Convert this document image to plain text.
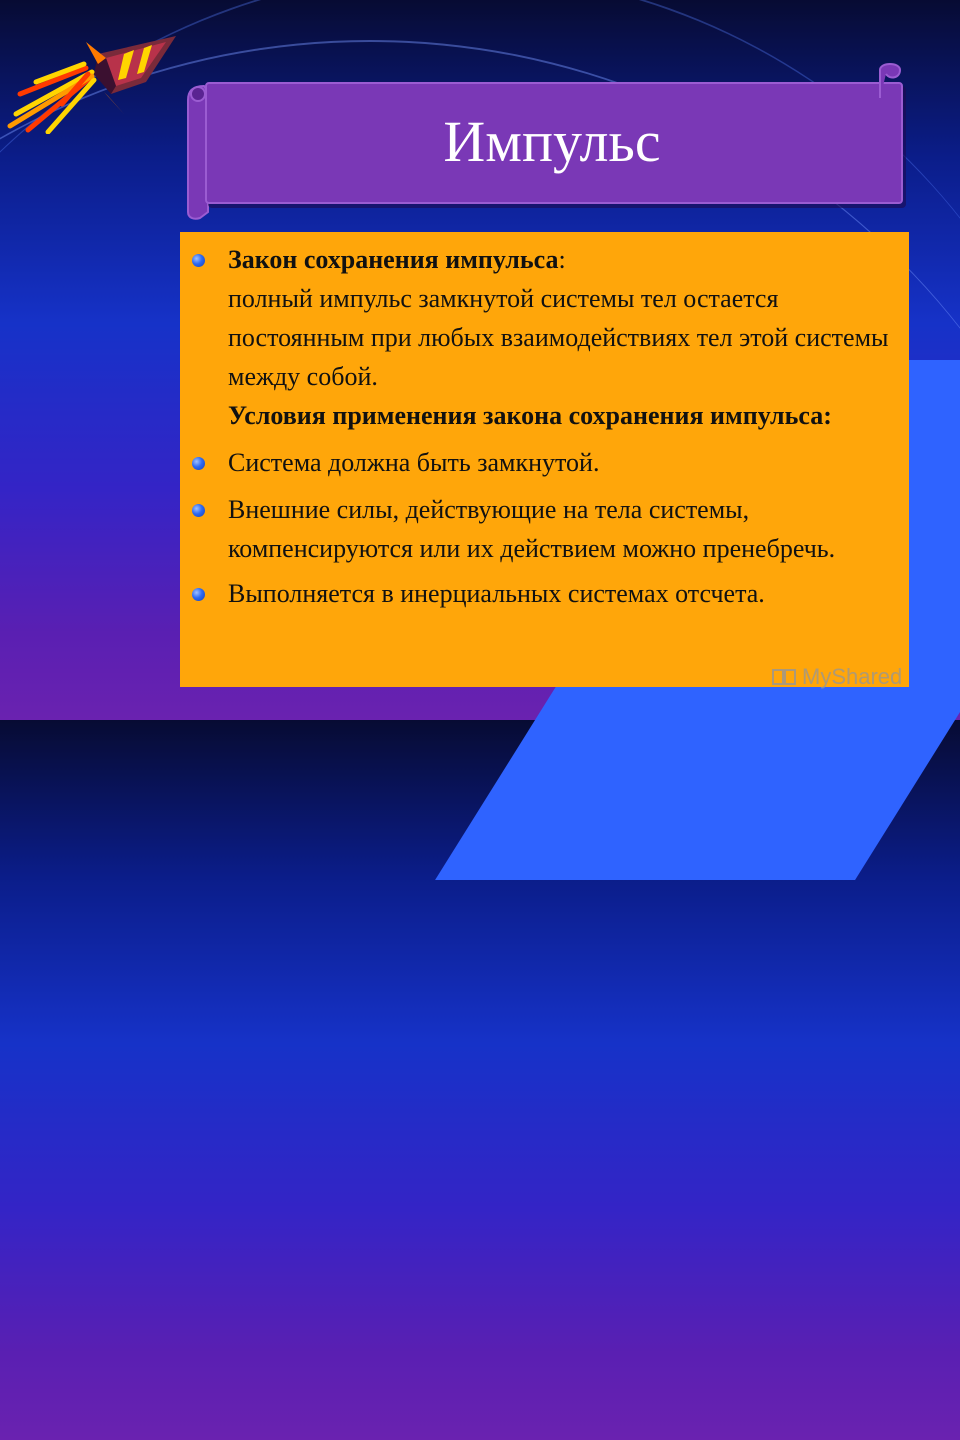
Импульс
Закон сохранения импульса:
полный импульс замкнутой системы тел остается постоянным при любых взаимодействиях тел этой системы между собой.
Условия применения закона сохранения импульса:
Система должна быть замкнутой.
Внешние силы, действующие на тела системы, компенсируются или их действием можно пренебречь.
Выполняется в инерциальных системах отсчета.
MyShared
